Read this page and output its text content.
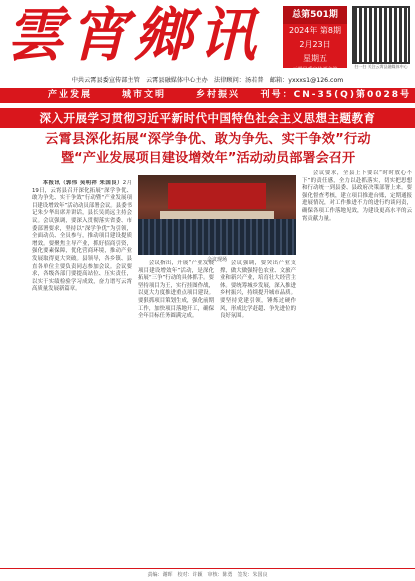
雲宵鄉讯	总第501期
2024年 第8期
2月23日
星期五
云霄县委宣传部主管
扫一扫 关注云霄县融媒体中心
中共云霄县委宣传部主管　云霄县融媒体中心主办　法律顾问：汤若普　邮箱：yxxxs1@126.com
产业发展	城市文明	乡村振兴 刊号：CN-35(Q)第0028号
深入开展学习贯彻习近平新时代中国特色社会主义思想主题教育
云霄县深化拓展“深学争优、敢为争先、实干争效”行动
暨“产业发展项目建设增效年”活动动员部署会召开

本报讯（郭伟 吴明祥 朱国良）2月19日，云霄县召开深化拓展“深学争优、敢为争先、实干争效”行动暨“产业发展项目建设增效年”活动动员部署会议。县委书记朱少华出席并讲话，县长吴尚远主持会议。会议强调，要深入贯彻落实省委、市委部署要求，坚持以“深学争优”为引领，全面动员、全员参与，推动项目建设提质增效。要聚焦主导产业，抓好招商引资，强化要素保障，优化营商环境，推动产业发展取得更大突破。县领导，各乡镇、县直各单位主要负责同志参加会议。会议要求，各级各部门要提高站位、压实责任，以实干实绩检验学习成效，奋力谱写云霄高质量发展新篇章。

会议现场

会议指出，开展“产业发展项目建设增效年”活动，是深化拓展“三争”行动的具体抓手。要坚持项目为王，实行挂图作战，以更大力度推进重点项目建设。要狠抓项目策划生成，强化前期工作，加快项目落地开工，确保全年目标任务圆满完成。

会议强调，要突出产业支撑，做大做强特色农业、文旅产业和新兴产业，培育壮大经营主体。要统筹城乡发展，深入推进乡村振兴，持续提升城市品质。要坚持党建引领，锤炼过硬作风，形成比学赶超、争先进位的良好氛围。

会议要求，全县上下要以“时时放心不下”的责任感，全力以赴抓落实，切实把思想和行动统一到县委、县政府决策部署上来。要强化督查考核，建立项目推进台账，定期通报进展情况，对工作推进不力的进行约谈问责，确保各项工作落地见效，为建设更高水平的云霄贡献力量。

责编：谢晖　校对：许颖　审核：陈勇　签发：朱国良
